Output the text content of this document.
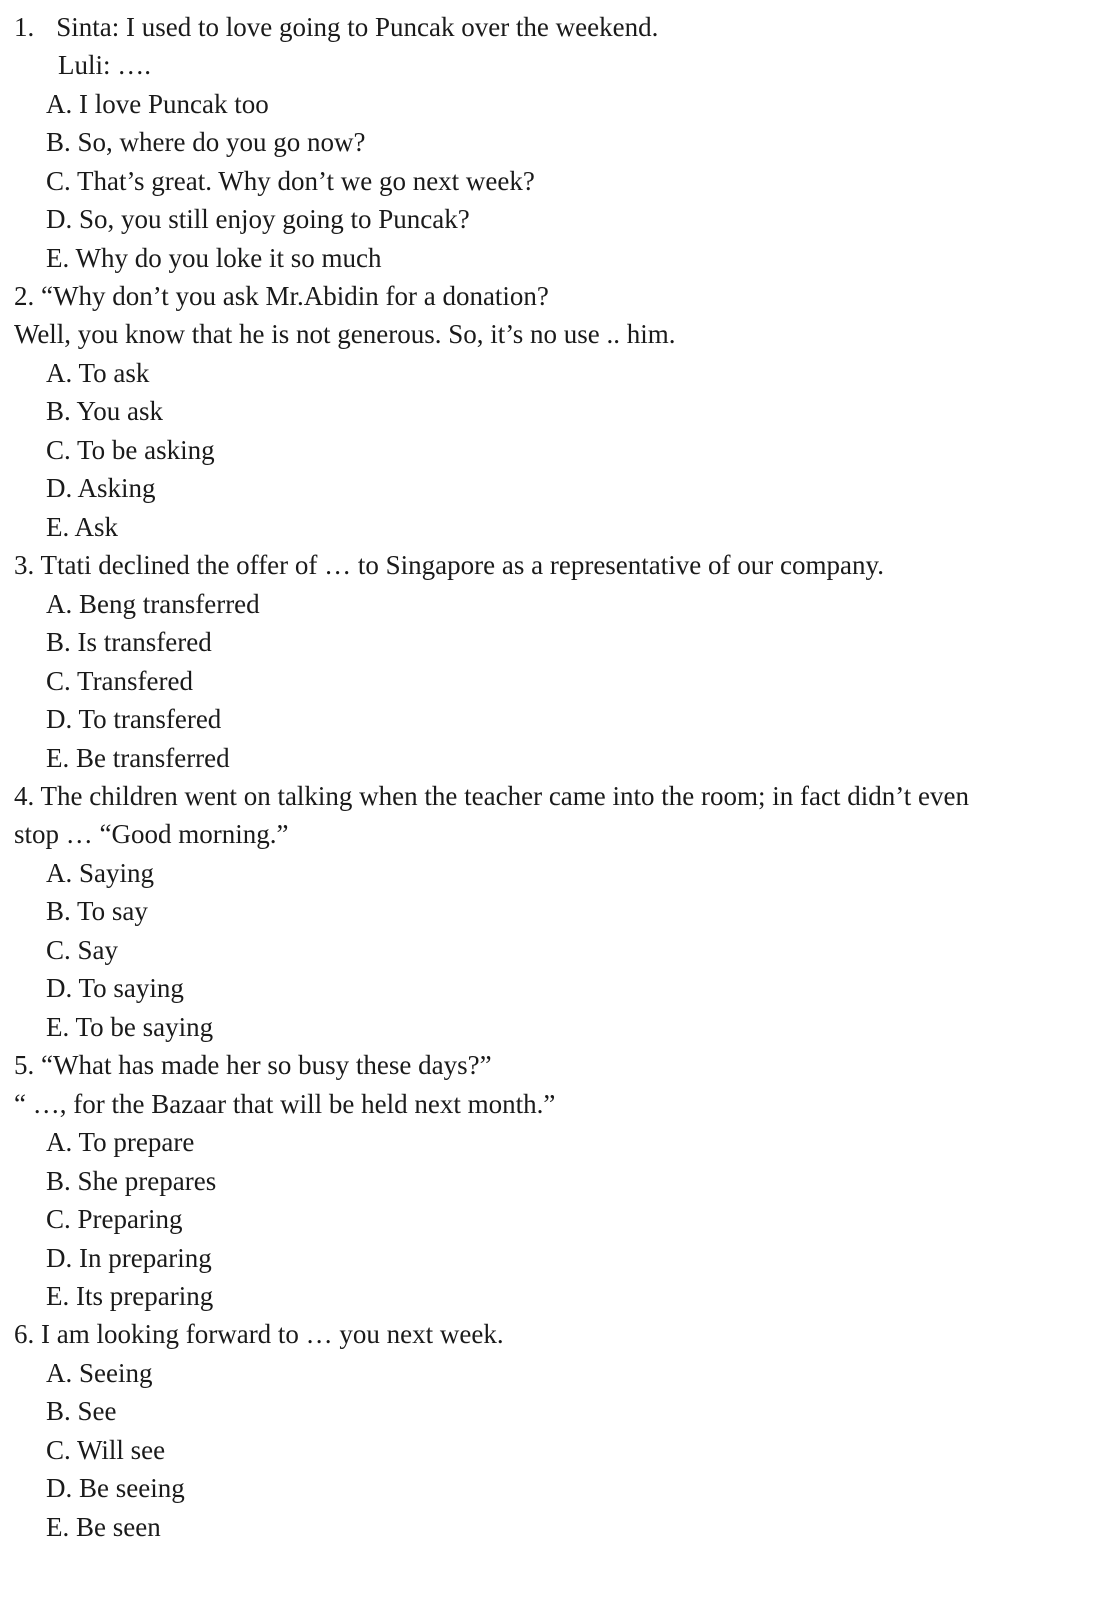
1. Sinta: I used to love going to Puncak over the weekend.
Luli: ….
A. I love Puncak too
B. So, where do you go now?
C. That’s great. Why don’t we go next week?
D. So, you still enjoy going to Puncak?
E. Why do you loke it so much
2. “Why don’t you ask Mr.Abidin for a donation?
Well, you know that he is not generous. So, it’s no use .. him.
A. To ask
B. You ask
C. To be asking
D. Asking
E. Ask
3. Ttati declined the offer of … to Singapore as a representative of our company.
A. Beng transferred
B. Is transfered
C. Transfered
D. To transfered
E. Be transferred
4. The children went on talking when the teacher came into the room; in fact didn’t even
stop … “Good morning.”
A. Saying
B. To say
C. Say
D. To saying
E. To be saying
5. “What has made her so busy these days?”
“ …, for the Bazaar that will be held next month.”
A. To prepare
B. She prepares
C. Preparing
D. In preparing
E. Its preparing
6. I am looking forward to … you next week.
A. Seeing
B. See
C. Will see
D. Be seeing
E. Be seen
